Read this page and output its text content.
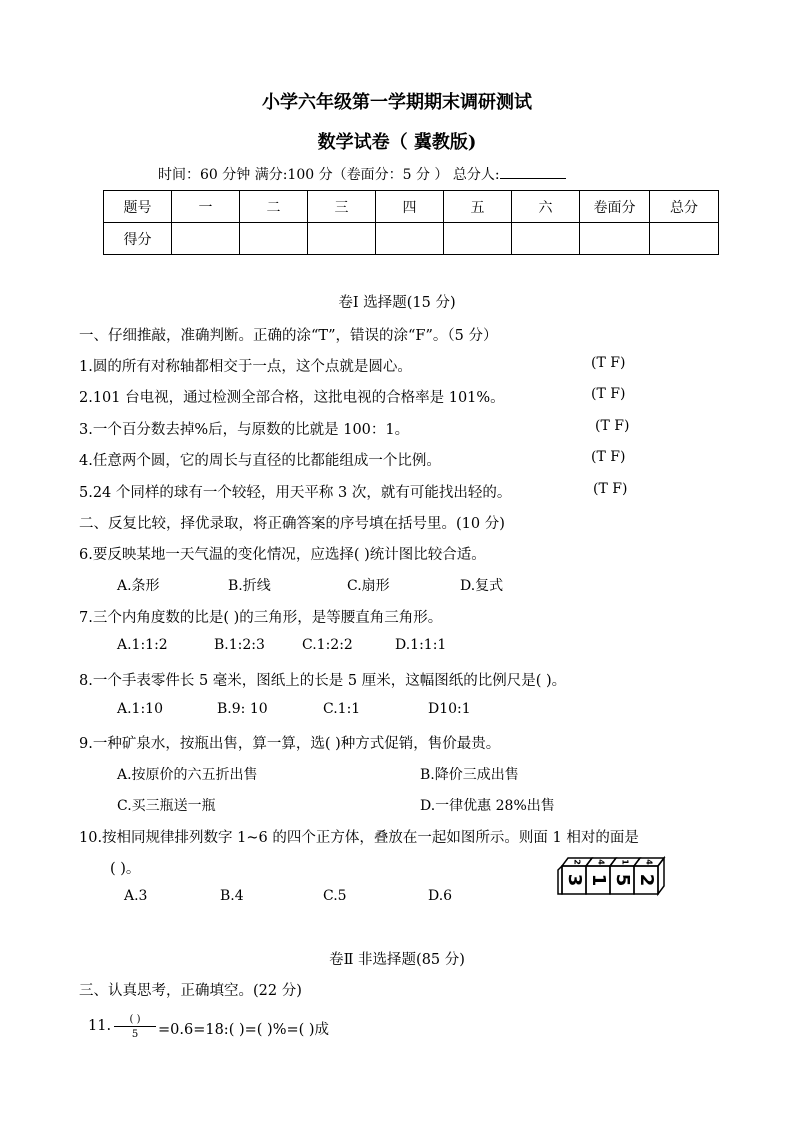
小学六年级第一学期期末调研测试
数学试卷（ 冀教版)
时间：60 分钟 满分:100 分（卷面分：5 分 ） 总分人:
题号	一	二	三	四	五	六	卷面分	总分
得分								
卷Ⅰ 选择题(15 分)
一、仔细推敲，准确判断。正确的涂“T”，错误的涂“F”。（5 分）
1.圆的所有对称轴都相交于一点，这个点就是圆心。	(T F)
2.101 台电视，通过检测全部合格，这批电视的合格率是 101%。	(T F)
3.一个百分数去掉%后，与原数的比就是 100：1。	(T F)
4.任意两个圆，它的周长与直径的比都能组成一个比例。	(T F)
5.24 个同样的球有一个较轻，用天平称 3 次，就有可能找出轻的。	(T F)
二、反复比较，择优录取，将正确答案的序号填在括号里。(10 分)
6.要反映某地一天气温的变化情况，应选择( )统计图比较合适。
A.条形	B.折线	C.扇形	D.复式
7.三个内角度数的比是( )的三角形，是等腰直角三角形。
A.1:1:2	B.1:2:3	C.1:2:2	D.1:1:1
8.一个手表零件长 5 毫米，图纸上的长是 5 厘米，这幅图纸的比例尺是( )。
A.1:10	B.9: 10	C.1:1	D10:1
9.一种矿泉水，按瓶出售，算一算，选( )种方式促销，售价最贵。
A.按原价的六五折出售	B.降价三成出售
C.买三瓶送一瓶	D.一律优惠 28%出售
10.按相同规律排列数字 1~6 的四个正方体，叠放在一起如图所示。则面 1 相对的面是
( )。
A.3	B.4	C.5	D.6
2 4 1 4
3 1 5 2
卷Ⅱ 非选择题(85 分)
三、认真思考，正确填空。(22 分)
11.	( )
5	=0.6=18:( )=( )%=( )成
